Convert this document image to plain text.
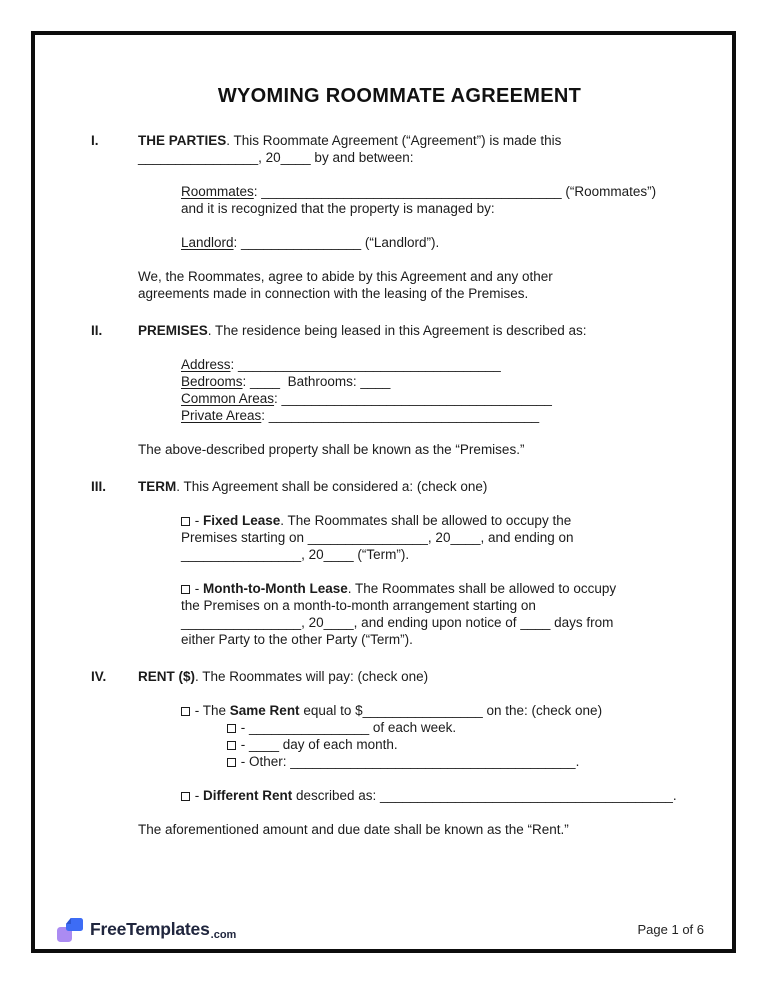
WYOMING ROOMMATE AGREEMENT
I.	THE PARTIES. This Roommate Agreement (“Agreement”) is made this
________________, 20____ by and between:
Roommates: ________________________________________ (“Roommates”)
and it is recognized that the property is managed by:
Landlord: ________________ (“Landlord”).
We, the Roommates, agree to abide by this Agreement and any other
agreements made in connection with the leasing of the Premises.
II.	PREMISES. The residence being leased in this Agreement is described as:
Address: ___________________________________
Bedrooms: ____  Bathrooms: ____
Common Areas: ____________________________________
Private Areas: ____________________________________
The above-described property shall be known as the “Premises.”
III.	TERM. This Agreement shall be considered a: (check one)
- Fixed Lease. The Roommates shall be allowed to occupy the
Premises starting on ________________, 20____, and ending on
________________, 20____ (“Term”).
- Month-to-Month Lease. The Roommates shall be allowed to occupy
the Premises on a month-to-month arrangement starting on
________________, 20____, and ending upon notice of ____ days from
either Party to the other Party (“Term”).
IV.	RENT ($). The Roommates will pay: (check one)
- The Same Rent equal to $________________ on the: (check one)
- ________________ of each week.
- ____ day of each month.
- Other: ______________________________________.
- Different Rent described as: _______________________________________.
The aforementioned amount and due date shall be known as the “Rent.”
FreeTemplates.com	Page 1 of 6
